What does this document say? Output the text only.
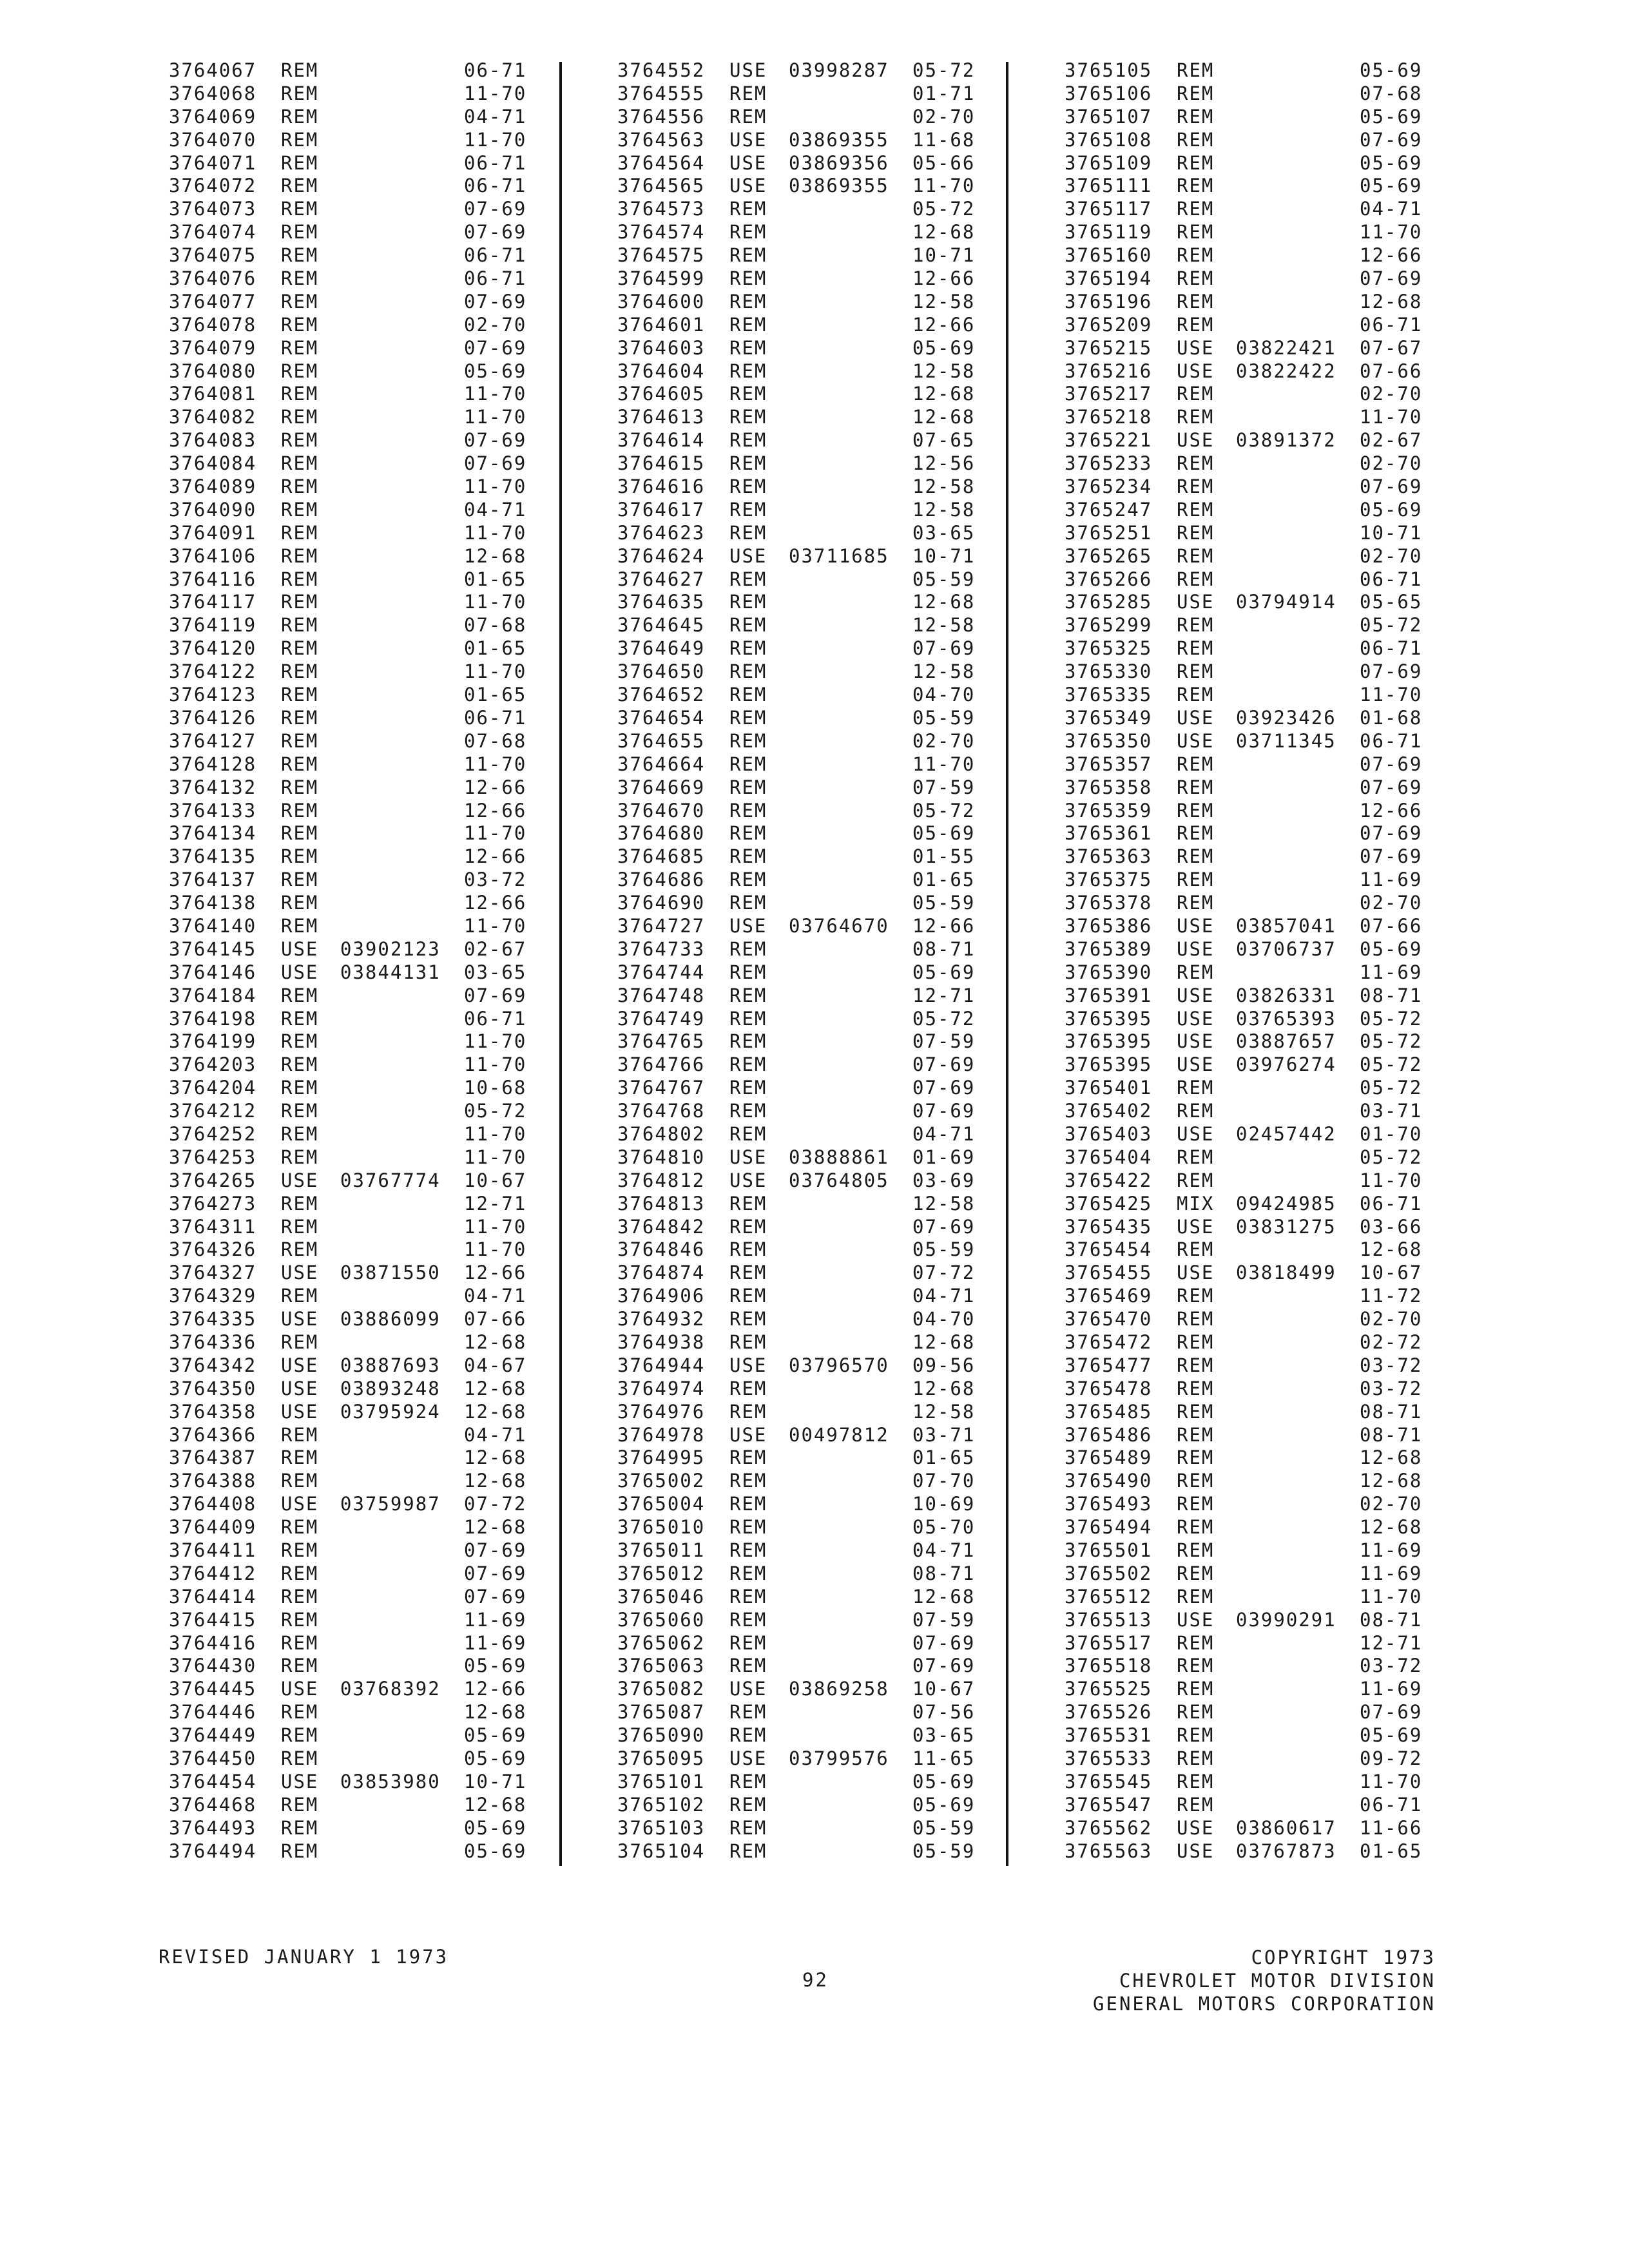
3764067 REM	06-71
3764068 REM	11-70
3764069 REM	04-71
3764070 REM	11-70
3764071 REM	06-71
3764072 REM	06-71
3764073 REM	07-69
3764074 REM	07-69
3764075 REM	06-71
3764076 REM	06-71
3764077 REM	07-69
3764078 REM	02-70
3764079 REM	07-69
3764080 REM	05-69
3764081 REM	11-70
3764082 REM	11-70
3764083 REM	07-69
3764084 REM	07-69
3764089 REM	11-70
3764090 REM	04-71
3764091 REM	11-70
3764106 REM	12-68
3764116 REM	01-65
3764117 REM	11-70
3764119 REM	07-68
3764120 REM	01-65
3764122 REM	11-70
3764123 REM	01-65
3764126 REM	06-71
3764127 REM	07-68
3764128 REM	11-70
3764132 REM	12-66
3764133 REM	12-66
3764134 REM	11-70
3764135 REM	12-66
3764137 REM	03-72
3764138 REM	12-66
3764140 REM	11-70
3764145 USE 03902123 02-67
3764146 USE 03844131 03-65
3764184 REM	07-69
3764198 REM	06-71
3764199 REM	11-70
3764203 REM	11-70
3764204 REM	10-68
3764212 REM	05-72
3764252 REM	11-70
3764253 REM	11-70
3764265 USE 03767774 10-67
3764273 REM	12-71
3764311 REM	11-70
3764326 REM	11-70
3764327 USE 03871550 12-66
3764329 REM	04-71
3764335 USE 03886099 07-66
3764336 REM	12-68
3764342 USE 03887693 04-67
3764350 USE 03893248 12-68
3764358 USE 03795924 12-68
3764366 REM	04-71
3764387 REM	12-68
3764388 REM	12-68
3764408 USE 03759987 07-72
3764409 REM	12-68
3764411 REM	07-69
3764412 REM	07-69
3764414 REM	07-69
3764415 REM	11-69
3764416 REM	11-69
3764430 REM	05-69
3764445 USE 03768392 12-66
3764446 REM	12-68
3764449 REM	05-69
3764450 REM	05-69
3764454 USE 03853980 10-71
3764468 REM	12-68
3764493 REM	05-69
3764494 REM	05-69
3764552 USE 03998287 05-72
3764555 REM	01-71
3764556 REM	02-70
3764563 USE 03869355 11-68
3764564 USE 03869356 05-66
3764565 USE 03869355 11-70
3764573 REM	05-72
3764574 REM	12-68
3764575 REM	10-71
3764599 REM	12-66
3764600 REM	12-58
3764601 REM	12-66
3764603 REM	05-69
3764604 REM	12-58
3764605 REM	12-68
3764613 REM	12-68
3764614 REM	07-65
3764615 REM	12-56
3764616 REM	12-58
3764617 REM	12-58
3764623 REM	03-65
3764624 USE 03711685 10-71
3764627 REM	05-59
3764635 REM	12-68
3764645 REM	12-58
3764649 REM	07-69
3764650 REM	12-58
3764652 REM	04-70
3764654 REM	05-59
3764655 REM	02-70
3764664 REM	11-70
3764669 REM	07-59
3764670 REM	05-72
3764680 REM	05-69
3764685 REM	01-55
3764686 REM	01-65
3764690 REM	05-59
3764727 USE 03764670 12-66
3764733 REM	08-71
3764744 REM	05-69
3764748 REM	12-71
3764749 REM	05-72
3764765 REM	07-59
3764766 REM	07-69
3764767 REM	07-69
3764768 REM	07-69
3764802 REM	04-71
3764810 USE 03888861 01-69
3764812 USE 03764805 03-69
3764813 REM	12-58
3764842 REM	07-69
3764846 REM	05-59
3764874 REM	07-72
3764906 REM	04-71
3764932 REM	04-70
3764938 REM	12-68
3764944 USE 03796570 09-56
3764974 REM	12-68
3764976 REM	12-58
3764978 USE 00497812 03-71
3764995 REM	01-65
3765002 REM	07-70
3765004 REM	10-69
3765010 REM	05-70
3765011 REM	04-71
3765012 REM	08-71
3765046 REM	12-68
3765060 REM	07-59
3765062 REM	07-69
3765063 REM	07-69
3765082 USE 03869258 10-67
3765087 REM	07-56
3765090 REM	03-65
3765095 USE 03799576 11-65
3765101 REM	05-69
3765102 REM	05-69
3765103 REM	05-59
3765104 REM	05-59
3765105 REM	05-69
3765106 REM	07-68
3765107 REM	05-69
3765108 REM	07-69
3765109 REM	05-69
3765111 REM	05-69
3765117 REM	04-71
3765119 REM	11-70
3765160 REM	12-66
3765194 REM	07-69
3765196 REM	12-68
3765209 REM	06-71
3765215 USE 03822421 07-67
3765216 USE 03822422 07-66
3765217 REM	02-70
3765218 REM	11-70
3765221 USE 03891372 02-67
3765233 REM	02-70
3765234 REM	07-69
3765247 REM	05-69
3765251 REM	10-71
3765265 REM	02-70
3765266 REM	06-71
3765285 USE 03794914 05-65
3765299 REM	05-72
3765325 REM	06-71
3765330 REM	07-69
3765335 REM	11-70
3765349 USE 03923426 01-68
3765350 USE 03711345 06-71
3765357 REM	07-69
3765358 REM	07-69
3765359 REM	12-66
3765361 REM	07-69
3765363 REM	07-69
3765375 REM	11-69
3765378 REM	02-70
3765386 USE 03857041 07-66
3765389 USE 03706737 05-69
3765390 REM	11-69
3765391 USE 03826331 08-71
3765395 USE 03765393 05-72
3765395 USE 03887657 05-72
3765395 USE 03976274 05-72
3765401 REM	05-72
3765402 REM	03-71
3765403 USE 02457442 01-70
3765404 REM	05-72
3765422 REM	11-70
3765425 MIX 09424985 06-71
3765435 USE 03831275 03-66
3765454 REM	12-68
3765455 USE 03818499 10-67
3765469 REM	11-72
3765470 REM	02-70
3765472 REM	02-72
3765477 REM	03-72
3765478 REM	03-72
3765485 REM	08-71
3765486 REM	08-71
3765489 REM	12-68
3765490 REM	12-68
3765493 REM	02-70
3765494 REM	12-68
3765501 REM	11-69
3765502 REM	11-69
3765512 REM	11-70
3765513 USE 03990291 08-71
3765517 REM	12-71
3765518 REM	03-72
3765525 REM	11-69
3765526 REM	07-69
3765531 REM	05-69
3765533 REM	09-72
3765545 REM	11-70
3765547 REM	06-71
3765562 USE 03860617 11-66
3765563 USE 03767873 01-65
REVISED JANUARY 1 1973
92
COPYRIGHT 1973
CHEVROLET MOTOR DIVISION
GENERAL MOTORS CORPORATION
